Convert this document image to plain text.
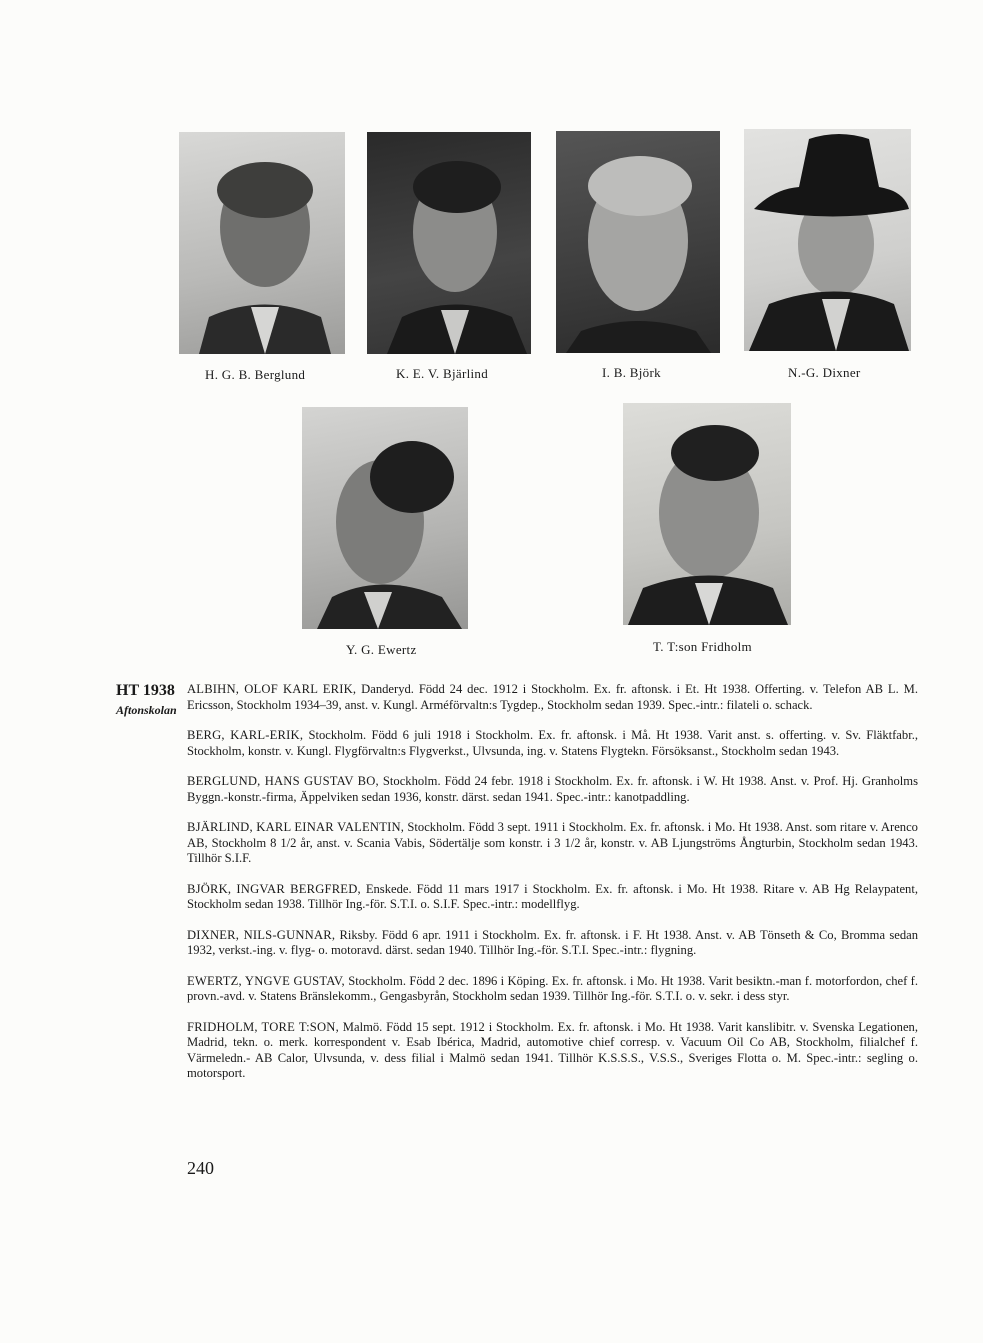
H. G. B. Berglund	K. E. V. Bjärlind	I. B. Björk	N.-G. Dixner
Y. G. Ewertz	T. T:son Fridholm
HT 1938
Aftonskolan

ALBIHN, OLOF KARL ERIK, Danderyd. Född 24 dec. 1912 i Stockholm. Ex. fr. aftonsk. i Et. Ht 1938. Offerting. v. Telefon AB L. M. Ericsson, Stockholm 1934–39, anst. v. Kungl. Arméförvaltn:s Tygdep., Stockholm sedan 1939. Spec.-intr.: filateli o. schack.

BERG, KARL-ERIK, Stockholm. Född 6 juli 1918 i Stockholm. Ex. fr. aftonsk. i Må. Ht 1938. Varit anst. s. offerting. v. Sv. Fläktfabr., Stockholm, konstr. v. Kungl. Flygförvaltn:s Flygverkst., Ulvsunda, ing. v. Statens Flygtekn. Försöksanst., Stockholm sedan 1943.

BERGLUND, HANS GUSTAV BO, Stockholm. Född 24 febr. 1918 i Stockholm. Ex. fr. aftonsk. i W. Ht 1938. Anst. v. Prof. Hj. Granholms Byggn.-konstr.-firma, Äppelviken sedan 1936, konstr. därst. sedan 1941. Spec.-intr.: kanotpaddling.

BJÄRLIND, KARL EINAR VALENTIN, Stockholm. Född 3 sept. 1911 i Stockholm. Ex. fr. aftonsk. i Mo. Ht 1938. Anst. som ritare v. Arenco AB, Stockholm 8 1/2 år, anst. v. Scania Vabis, Södertälje som konstr. i 3 1/2 år, konstr. v. AB Ljungströms Ångturbin, Stockholm sedan 1943. Tillhör S.I.F.

BJÖRK, INGVAR BERGFRED, Enskede. Född 11 mars 1917 i Stockholm. Ex. fr. aftonsk. i Mo. Ht 1938. Ritare v. AB Hg Relaypatent, Stockholm sedan 1938. Tillhör Ing.-för. S.T.I. o. S.I.F. Spec.-intr.: modellflyg.

DIXNER, NILS-GUNNAR, Riksby. Född 6 apr. 1911 i Stockholm. Ex. fr. aftonsk. i F. Ht 1938. Anst. v. AB Tönseth & Co, Bromma sedan 1932, verkst.-ing. v. flyg- o. motoravd. därst. sedan 1940. Tillhör Ing.-för. S.T.I. Spec.-intr.: flygning.

EWERTZ, YNGVE GUSTAV, Stockholm. Född 2 dec. 1896 i Köping. Ex. fr. aftonsk. i Mo. Ht 1938. Varit besiktn.-man f. motorfordon, chef f. provn.-avd. v. Statens Bränslekomm., Gengasbyrån, Stockholm sedan 1939. Tillhör Ing.-för. S.T.I. o. v. sekr. i dess styr.

FRIDHOLM, TORE T:SON, Malmö. Född 15 sept. 1912 i Stockholm. Ex. fr. aftonsk. i Mo. Ht 1938. Varit kanslibitr. v. Svenska Legationen, Madrid, tekn. o. merk. korrespondent v. Esab Ibérica, Madrid, automotive chief corresp. v. Vacuum Oil Co AB, Stockholm, filialchef f. Värmeledn.- AB Calor, Ulvsunda, v. dess filial i Malmö sedan 1941. Tillhör K.S.S.S., V.S.S., Sveriges Flotta o. M. Spec.-intr.: segling o. motorsport.

240
